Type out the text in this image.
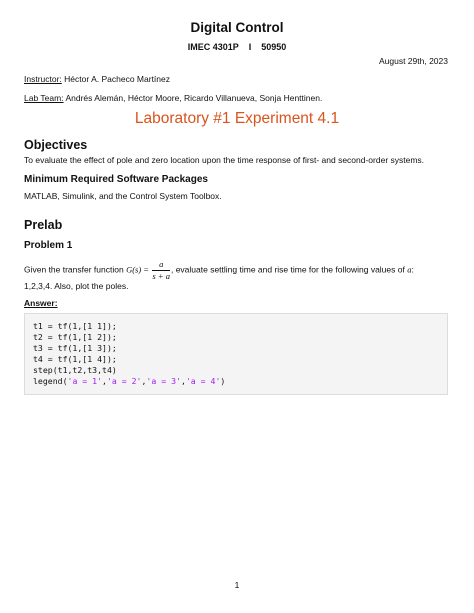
Digital Control
IMEC 4301P I 50950
August 29th, 2023
Instructor: Héctor A. Pacheco Martínez
Lab Team: Andrés Alemán, Héctor Moore, Ricardo Villanueva, Sonja Henttinen.
Laboratory #1 Experiment 4.1
Objectives
To evaluate the effect of pole and zero location upon the time response of first- and second-order systems.
Minimum Required Software Packages
MATLAB, Simulink, and the Control System Toolbox.
Prelab
Problem 1
Given the transfer function $G(s) = \frac{a}{s + a}$ , evaluate settling time and rise time for the following values of a:
1,2,3,4. Also, plot the poles.
Answer:
t1 = tf(1,[1 1]);
t2 = tf(1,[1 2]);
t3 = tf(1,[1 3]);
t4 = tf(1,[1 4]);
step(t1,t2,t3,t4)
legend('a = 1','a = 2','a = 3','a = 4')
1
